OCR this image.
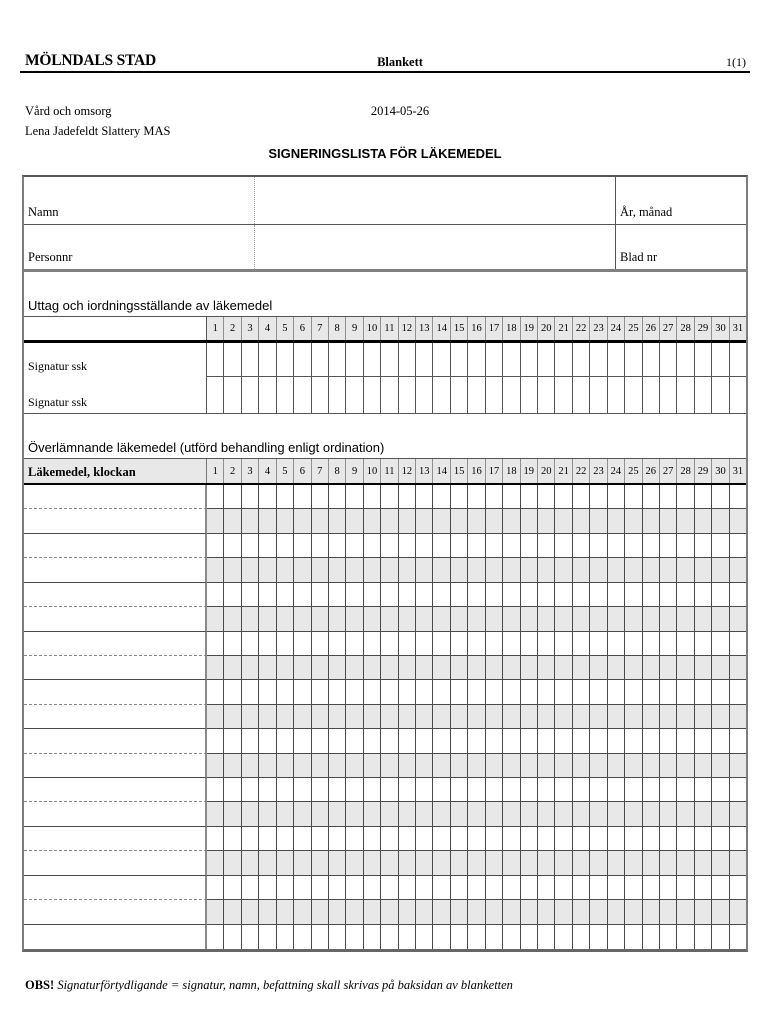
MÖLNDALS STAD	Blankett	1(1)
Vård och omsorg	2014-05-26
Lena Jadefeldt Slattery MAS
SIGNERINGSLISTA FÖR LÄKEMEDEL
Namn	År, månad
Personnr	Blad nr
Uttag och iordningsställande av läkemedel
1	2	3	4	5	6	7	8	9 10 11 12 13 14 15 16 17 18 19 20 21 22 23 24 25 26 27 28 29 30 31
Signatur ssk
Signatur ssk
Överlämnande läkemedel (utförd behandling enligt ordination)
Läkemedel, klockan	1	2	3	4	5	6	7	8	9 10 11 12 13 14 15 16 17 18 19 20 21 22 23 24 25 26 27 28 29 30 31
OBS! Signaturförtydligande = signatur, namn, befattning skall skrivas på baksidan av blanketten
